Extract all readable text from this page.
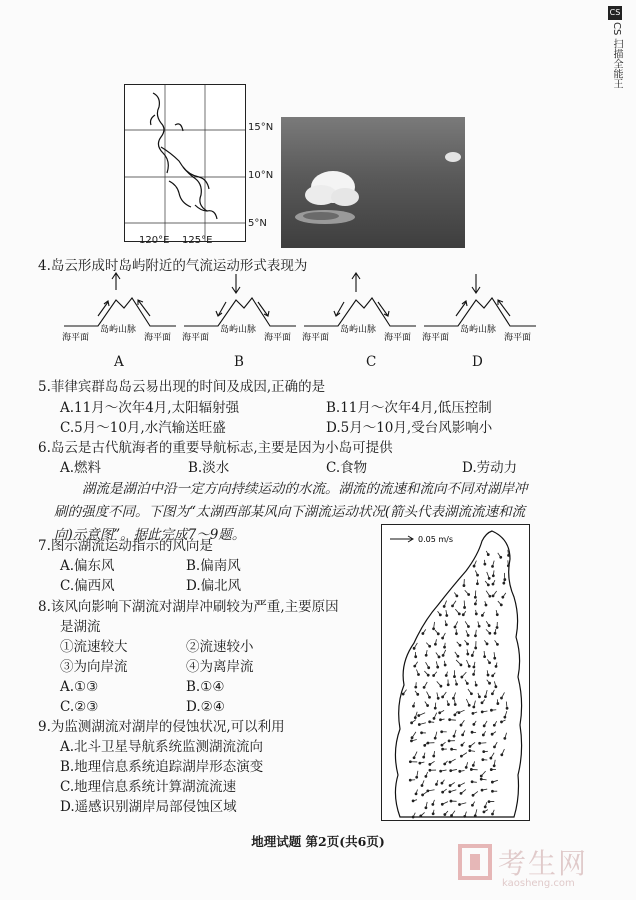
15°N
10°N
5°N
120°E 125°E
4.岛云形成时岛屿附近的气流运动形式表现为
海平面
岛屿山脉
海平面 海平面
岛屿山脉
海平面 海平面
岛屿山脉
海平面 海平面
岛屿山脉
海平面
A	B	C	D
5.菲律宾群岛岛云易出现的时间及成因,正确的是
A.11月～次年4月,太阳辐射强	B.11月～次年4月,低压控制
C.5月～10月,水汽输送旺盛	D.5月～10月,受台风影响小
6.岛云是古代航海者的重要导航标志,主要是因为小岛可提供
A.燃料	B.淡水	C.食物	D.劳动力
湖流是湖泊中沿一定方向持续运动的水流。湖流的流速和流向不同对湖岸冲
刷的强度不同。下图为“太湖西部某风向下湖流运动状况(箭头代表湖流流速和流
向)示意图”。据此完成7～9题。
7.图示湖流运动指示的风向是
A.偏东风	B.偏南风
C.偏西风	D.偏北风
8.该风向影响下湖流对湖岸冲刷较为严重,主要原因
是湖流
①流速较大	②流速较小
③为向岸流	④为离岸流
A.①③	B.①④
C.②③	D.②④
9.为监测湖流对湖岸的侵蚀状况,可以利用
A.北斗卫星导航系统监测湖流流向
B.地理信息系统追踪湖岸形态演变
C.地理信息系统计算湖流流速
D.遥感识别湖岸局部侵蚀区域
0.05 m/s
地理试题 第2页(共6页)
CS
CS 扫描全能王
考生网
kaosheng.com
